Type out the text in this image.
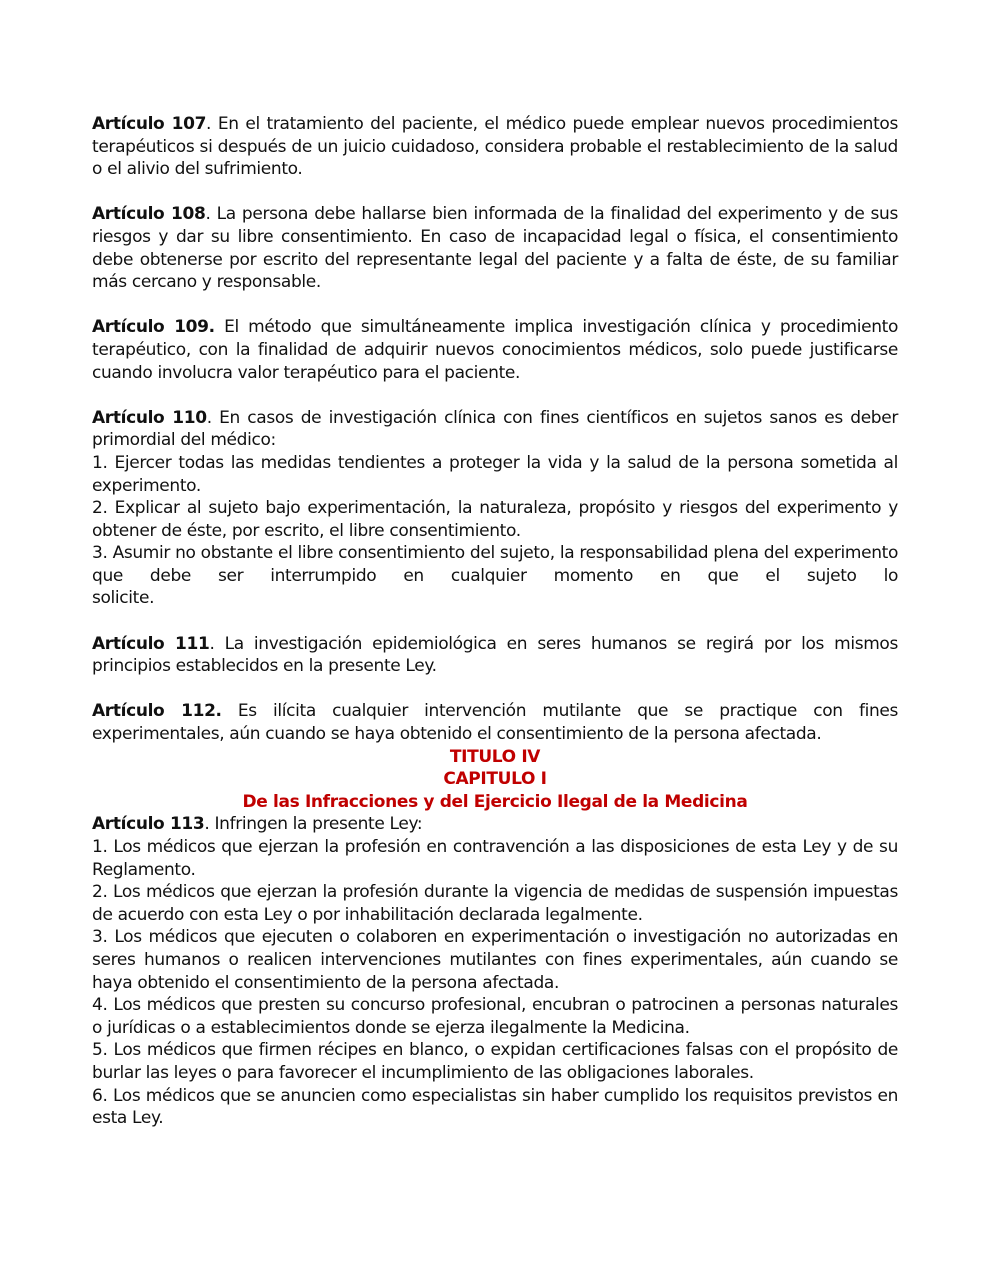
Artículo 107. En el tratamiento del paciente, el médico puede emplear nuevos procedimientos terapéuticos si después de un juicio cuidadoso, considera probable el restablecimiento de la salud o el alivio del sufrimiento.

Artículo 108. La persona debe hallarse bien informada de la finalidad del experimento y de sus riesgos y dar su libre consentimiento. En caso de incapacidad legal o física, el consentimiento debe obtenerse por escrito del representante legal del paciente y a falta de éste, de su familiar más cercano y responsable.

Artículo 109. El método que simultáneamente implica investigación clínica y procedimiento terapéutico, con la finalidad de adquirir nuevos conocimientos médicos, solo puede justificarse cuando involucra valor terapéutico para el paciente.

Artículo 110. En casos de investigación clínica con fines científicos en sujetos sanos es deber primordial del médico:

1. Ejercer todas las medidas tendientes a proteger la vida y la salud de la persona sometida al experimento.

2. Explicar al sujeto bajo experimentación, la naturaleza, propósito y riesgos del experimento y obtener de éste, por escrito, el libre consentimiento.

3. Asumir no obstante el libre consentimiento del sujeto, la responsabilidad plena del experimento que debe ser interrumpido en cualquier momento en que el sujeto lo

solicite.

Artículo 111. La investigación epidemiológica en seres humanos se regirá por los mismos principios establecidos en la presente Ley.

Artículo 112. Es ilícita cualquier intervención mutilante que se practique con fines experimentales, aún cuando se haya obtenido el consentimiento de la persona afectada.

TITULO IV

CAPITULO I

De las Infracciones y del Ejercicio Ilegal de la Medicina

Artículo 113. Infringen la presente Ley:

1. Los médicos que ejerzan la profesión en contravención a las disposiciones de esta Ley y de su Reglamento.

2. Los médicos que ejerzan la profesión durante la vigencia de medidas de suspensión impuestas de acuerdo con esta Ley o por inhabilitación declarada legalmente.

3. Los médicos que ejecuten o colaboren en experimentación o investigación no autorizadas en seres humanos o realicen intervenciones mutilantes con fines experimentales, aún cuando se haya obtenido el consentimiento de la persona afectada.

4. Los médicos que presten su concurso profesional, encubran o patrocinen a personas naturales o jurídicas o a establecimientos donde se ejerza ilegalmente la Medicina.

5. Los médicos que firmen récipes en blanco, o expidan certificaciones falsas con el propósito de burlar las leyes o para favorecer el incumplimiento de las obligaciones laborales.

6. Los médicos que se anuncien como especialistas sin haber cumplido los requisitos previstos en esta Ley.
